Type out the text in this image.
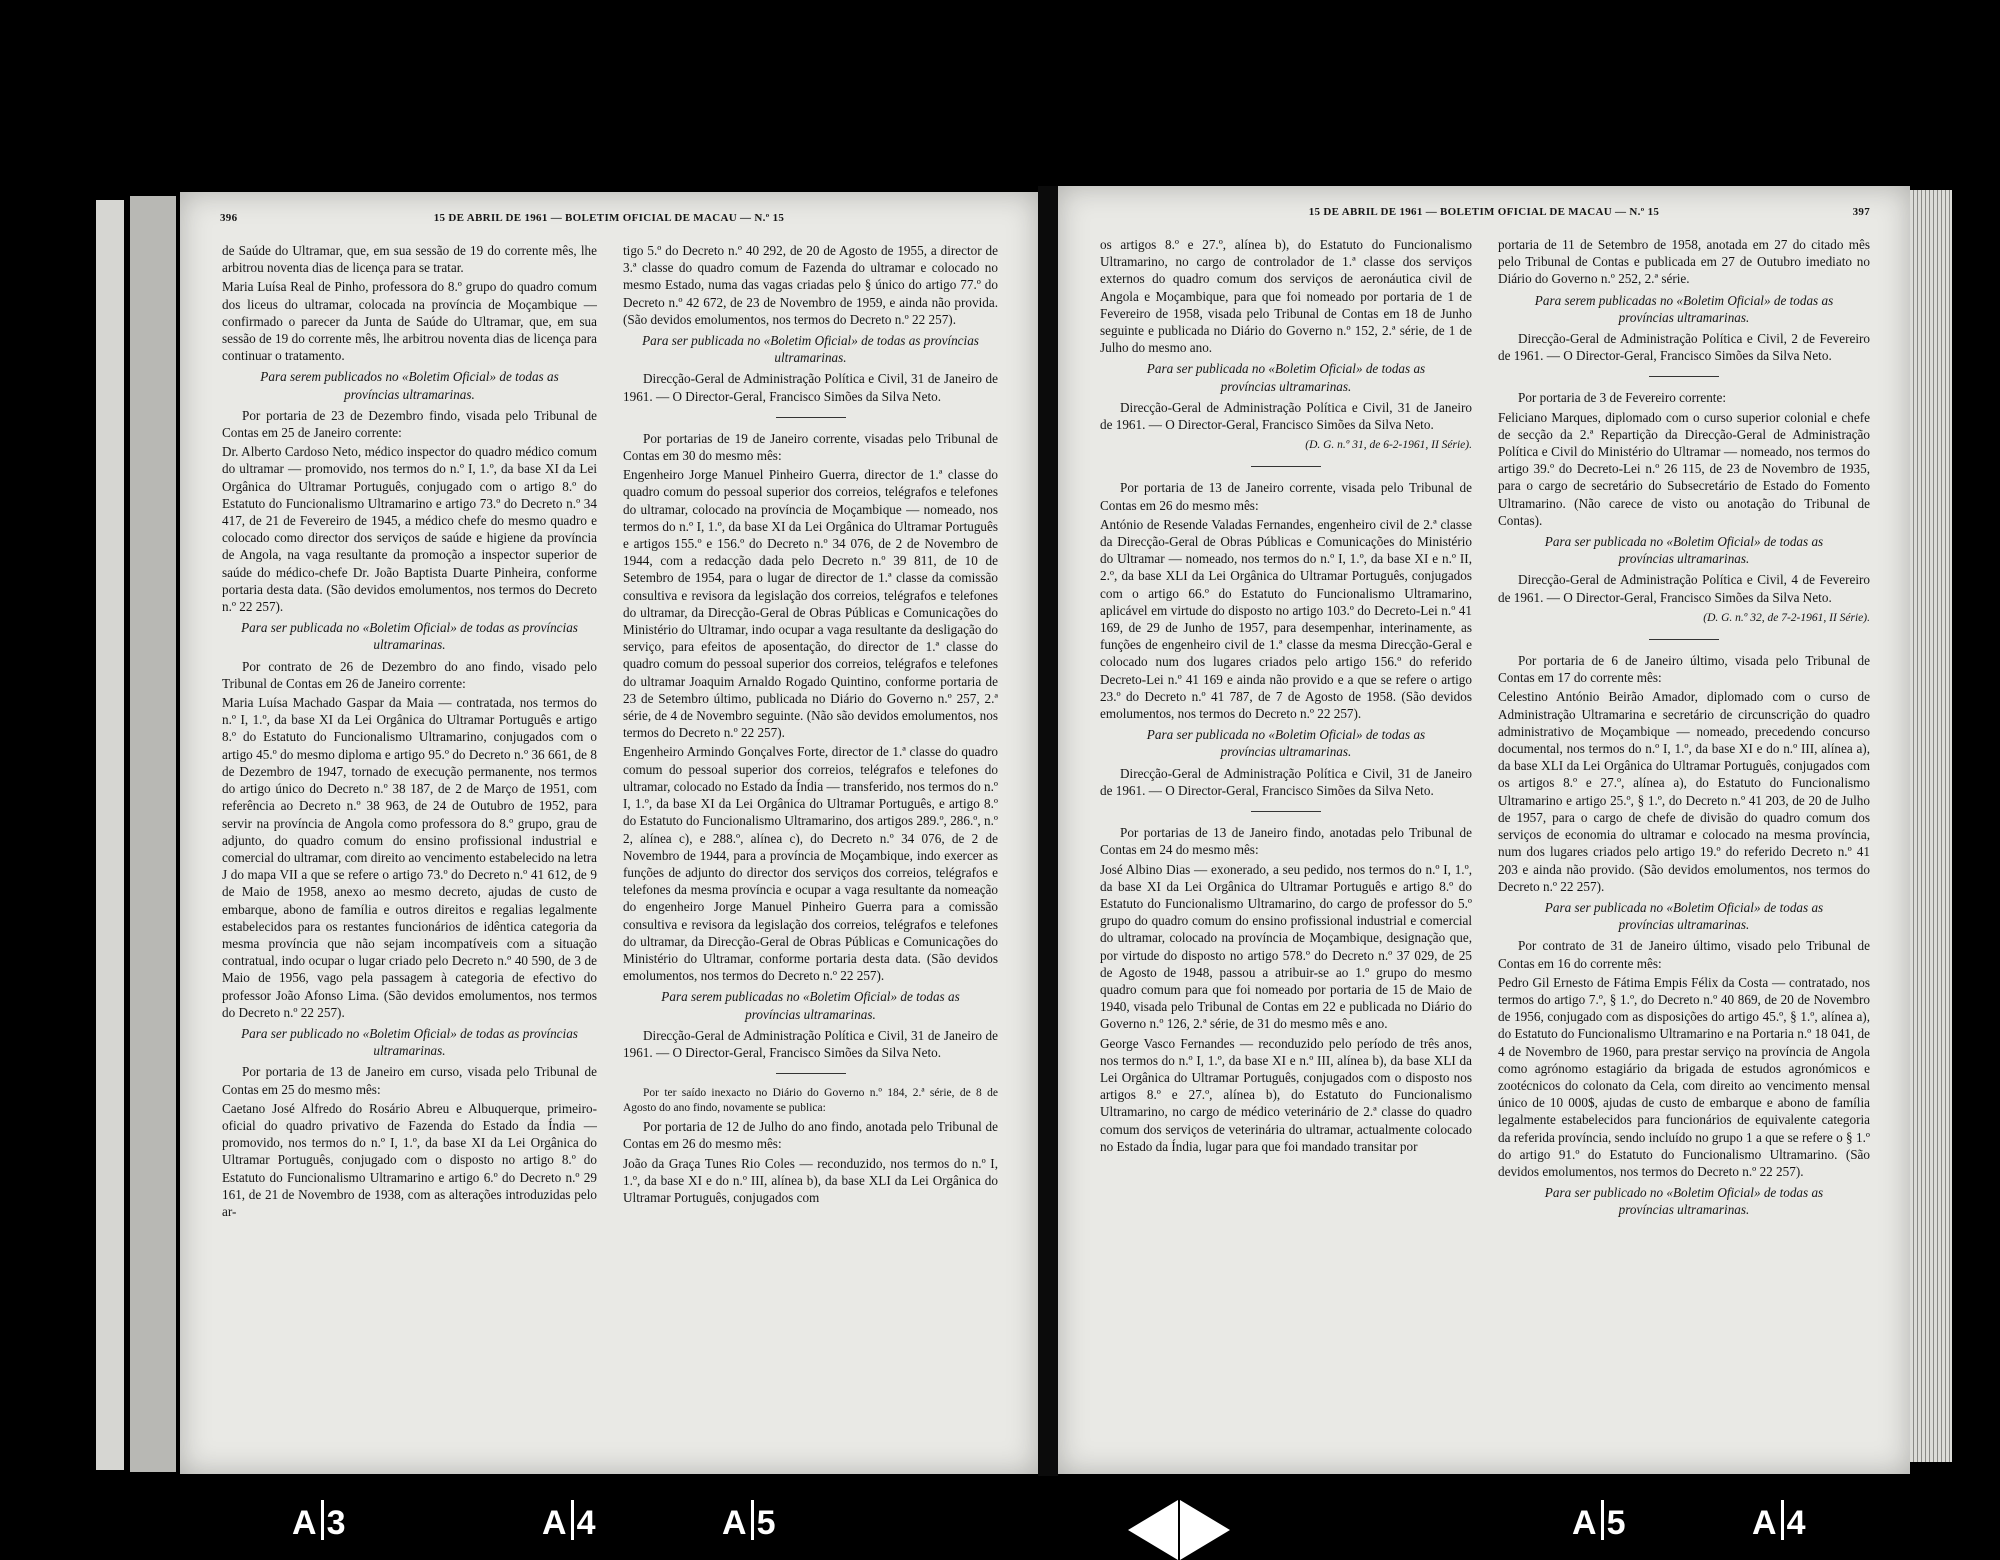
396	15 DE ABRIL DE 1961 — BOLETIM OFICIAL DE MACAU — N.º 15

de Saúde do Ultramar, que, em sua sessão de 19 do corrente mês, lhe arbitrou noventa dias de licença para se tratar.

Maria Luísa Real de Pinho, professora do 8.º grupo do quadro comum dos liceus do ultramar, colocada na província de Moçambique — confirmado o parecer da Junta de Saúde do Ultramar, que, em sua sessão de 19 do corrente mês, lhe arbitrou noventa dias de licença para continuar o tratamento.

Para serem publicados no «Boletim Oficial» de todas as províncias ultramarinas.

Por portaria de 23 de Dezembro findo, visada pelo Tribunal de Contas em 25 de Janeiro corrente:

Dr. Alberto Cardoso Neto, médico inspector do quadro médico comum do ultramar — promovido, nos termos do n.º I, 1.º, da base XI da Lei Orgânica do Ultramar Português, conjugado com o artigo 8.º do Estatuto do Funcionalismo Ultramarino e artigo 73.º do Decreto n.º 34 417, de 21 de Fevereiro de 1945, a médico chefe do mesmo quadro e colocado como director dos serviços de saúde e higiene da província de Angola, na vaga resultante da promoção a inspector superior de saúde do médico-chefe Dr. João Baptista Duarte Pinheira, conforme portaria desta data. (São devidos emolumentos, nos termos do Decreto n.º 22 257).

Para ser publicada no «Boletim Oficial» de todas as províncias ultramarinas.

Por contrato de 26 de Dezembro do ano findo, visado pelo Tribunal de Contas em 26 de Janeiro corrente:

Maria Luísa Machado Gaspar da Maia — contratada, nos termos do n.º I, 1.º, da base XI da Lei Orgânica do Ultramar Português e artigo 8.º do Estatuto do Funcionalismo Ultramarino, conjugados com o artigo 45.º do mesmo diploma e artigo 95.º do Decreto n.º 36 661, de 8 de Dezembro de 1947, tornado de execução permanente, nos termos do artigo único do Decreto n.º 38 187, de 2 de Março de 1951, com referência ao Decreto n.º 38 963, de 24 de Outubro de 1952, para servir na província de Angola como professora do 8.º grupo, grau de adjunto, do quadro comum do ensino profissional industrial e comercial do ultramar, com direito ao vencimento estabelecido na letra J do mapa VII a que se refere o artigo 73.º do Decreto n.º 41 612, de 9 de Maio de 1958, anexo ao mesmo decreto, ajudas de custo de embarque, abono de família e outros direitos e regalias legalmente estabelecidos para os restantes funcionários de idêntica categoria da mesma província que não sejam incompatíveis com a situação contratual, indo ocupar o lugar criado pelo Decreto n.º 40 590, de 3 de Maio de 1956, vago pela passagem à categoria de efectivo do professor João Afonso Lima. (São devidos emolumentos, nos termos do Decreto n.º 22 257).

Para ser publicado no «Boletim Oficial» de todas as províncias ultramarinas.

Por portaria de 13 de Janeiro em curso, visada pelo Tribunal de Contas em 25 do mesmo mês:

Caetano José Alfredo do Rosário Abreu e Albuquerque, primeiro-oficial do quadro privativo de Fazenda do Estado da Índia — promovido, nos termos do n.º I, 1.º, da base XI da Lei Orgânica do Ultramar Português, conjugado com o disposto no artigo 8.º do Estatuto do Funcionalismo Ultramarino e artigo 6.º do Decreto n.º 29 161, de 21 de Novembro de 1938, com as alterações introduzidas pelo ar-

tigo 5.º do Decreto n.º 40 292, de 20 de Agosto de 1955, a director de 3.ª classe do quadro comum de Fazenda do ultramar e colocado no mesmo Estado, numa das vagas criadas pelo § único do artigo 77.º do Decreto n.º 42 672, de 23 de Novembro de 1959, e ainda não provida. (São devidos emolumentos, nos termos do Decreto n.º 22 257).

Para ser publicada no «Boletim Oficial» de todas as províncias ultramarinas.

Direcção-Geral de Administração Política e Civil, 31 de Janeiro de 1961. — O Director-Geral, Francisco Simões da Silva Neto.

Por portarias de 19 de Janeiro corrente, visadas pelo Tribunal de Contas em 30 do mesmo mês:

Engenheiro Jorge Manuel Pinheiro Guerra, director de 1.ª classe do quadro comum do pessoal superior dos correios, telégrafos e telefones do ultramar, colocado na província de Moçambique — nomeado, nos termos do n.º I, 1.º, da base XI da Lei Orgânica do Ultramar Português e artigos 155.º e 156.º do Decreto n.º 34 076, de 2 de Novembro de 1944, com a redacção dada pelo Decreto n.º 39 811, de 10 de Setembro de 1954, para o lugar de director de 1.ª classe da comissão consultiva e revisora da legislação dos correios, telégrafos e telefones do ultramar, da Direcção-Geral de Obras Públicas e Comunicações do Ministério do Ultramar, indo ocupar a vaga resultante da desligação do serviço, para efeitos de aposentação, do director de 1.ª classe do quadro comum do pessoal superior dos correios, telégrafos e telefones do ultramar Joaquim Arnaldo Rogado Quintino, conforme portaria de 23 de Setembro último, publicada no Diário do Governo n.º 257, 2.ª série, de 4 de Novembro seguinte. (Não são devidos emolumentos, nos termos do Decreto n.º 22 257).

Engenheiro Armindo Gonçalves Forte, director de 1.ª classe do quadro comum do pessoal superior dos correios, telégrafos e telefones do ultramar, colocado no Estado da Índia — transferido, nos termos do n.º I, 1.º, da base XI da Lei Orgânica do Ultramar Português, e artigo 8.º do Estatuto do Funcionalismo Ultramarino, dos artigos 289.º, 286.º, n.º 2, alínea c), e 288.º, alínea c), do Decreto n.º 34 076, de 2 de Novembro de 1944, para a província de Moçambique, indo exercer as funções de adjunto do director dos serviços dos correios, telégrafos e telefones da mesma província e ocupar a vaga resultante da nomeação do engenheiro Jorge Manuel Pinheiro Guerra para a comissão consultiva e revisora da legislação dos correios, telégrafos e telefones do ultramar, da Direcção-Geral de Obras Públicas e Comunicações do Ministério do Ultramar, conforme portaria desta data. (São devidos emolumentos, nos termos do Decreto n.º 22 257).

Para serem publicadas no «Boletim Oficial» de todas as províncias ultramarinas.

Direcção-Geral de Administração Política e Civil, 31 de Janeiro de 1961. — O Director-Geral, Francisco Simões da Silva Neto.

Por ter saído inexacto no Diário do Governo n.º 184, 2.ª série, de 8 de Agosto do ano findo, novamente se publica:

Por portaria de 12 de Julho do ano findo, anotada pelo Tribunal de Contas em 26 do mesmo mês:

João da Graça Tunes Rio Coles — reconduzido, nos termos do n.º I, 1.º, da base XI e do n.º III, alínea b), da base XLI da Lei Orgânica do Ultramar Português, conjugados com

15 DE ABRIL DE 1961 — BOLETIM OFICIAL DE MACAU — N.º 15	397

os artigos 8.º e 27.º, alínea b), do Estatuto do Funcionalismo Ultramarino, no cargo de controlador de 1.ª classe dos serviços externos do quadro comum dos serviços de aeronáutica civil de Angola e Moçambique, para que foi nomeado por portaria de 1 de Fevereiro de 1958, visada pelo Tribunal de Contas em 18 de Junho seguinte e publicada no Diário do Governo n.º 152, 2.ª série, de 1 de Julho do mesmo ano.

Para ser publicada no «Boletim Oficial» de todas as províncias ultramarinas.

Direcção-Geral de Administração Política e Civil, 31 de Janeiro de 1961. — O Director-Geral, Francisco Simões da Silva Neto.

(D. G. n.º 31, de 6-2-1961, II Série).

Por portaria de 13 de Janeiro corrente, visada pelo Tribunal de Contas em 26 do mesmo mês:

António de Resende Valadas Fernandes, engenheiro civil de 2.ª classe da Direcção-Geral de Obras Públicas e Comunicações do Ministério do Ultramar — nomeado, nos termos do n.º I, 1.º, da base XI e n.º II, 2.º, da base XLI da Lei Orgânica do Ultramar Português, conjugados com o artigo 66.º do Estatuto do Funcionalismo Ultramarino, aplicável em virtude do disposto no artigo 103.º do Decreto-Lei n.º 41 169, de 29 de Junho de 1957, para desempenhar, interinamente, as funções de engenheiro civil de 1.ª classe da mesma Direcção-Geral e colocado num dos lugares criados pelo artigo 156.º do referido Decreto-Lei n.º 41 169 e ainda não provido e a que se refere o artigo 23.º do Decreto n.º 41 787, de 7 de Agosto de 1958. (São devidos emolumentos, nos termos do Decreto n.º 22 257).

Para ser publicada no «Boletim Oficial» de todas as províncias ultramarinas.

Direcção-Geral de Administração Política e Civil, 31 de Janeiro de 1961. — O Director-Geral, Francisco Simões da Silva Neto.

Por portarias de 13 de Janeiro findo, anotadas pelo Tribunal de Contas em 24 do mesmo mês:

José Albino Dias — exonerado, a seu pedido, nos termos do n.º I, 1.º, da base XI da Lei Orgânica do Ultramar Português e artigo 8.º do Estatuto do Funcionalismo Ultramarino, do cargo de professor do 5.º grupo do quadro comum do ensino profissional industrial e comercial do ultramar, colocado na província de Moçambique, designação que, por virtude do disposto no artigo 578.º do Decreto n.º 37 029, de 25 de Agosto de 1948, passou a atribuir-se ao 1.º grupo do mesmo quadro comum para que foi nomeado por portaria de 15 de Maio de 1940, visada pelo Tribunal de Contas em 22 e publicada no Diário do Governo n.º 126, 2.ª série, de 31 do mesmo mês e ano.

George Vasco Fernandes — reconduzido pelo período de três anos, nos termos do n.º I, 1.º, da base XI e n.º III, alínea b), da base XLI da Lei Orgânica do Ultramar Português, conjugados com o disposto nos artigos 8.º e 27.º, alínea b), do Estatuto do Funcionalismo Ultramarino, no cargo de médico veterinário de 2.ª classe do quadro comum dos serviços de veterinária do ultramar, actualmente colocado no Estado da Índia, lugar para que foi mandado transitar por

portaria de 11 de Setembro de 1958, anotada em 27 do citado mês pelo Tribunal de Contas e publicada em 27 de Outubro imediato no Diário do Governo n.º 252, 2.ª série.

Para serem publicadas no «Boletim Oficial» de todas as províncias ultramarinas.

Direcção-Geral de Administração Política e Civil, 2 de Fevereiro de 1961. — O Director-Geral, Francisco Simões da Silva Neto.

Por portaria de 3 de Fevereiro corrente:

Feliciano Marques, diplomado com o curso superior colonial e chefe de secção da 2.ª Repartição da Direcção-Geral de Administração Política e Civil do Ministério do Ultramar — nomeado, nos termos do artigo 39.º do Decreto-Lei n.º 26 115, de 23 de Novembro de 1935, para o cargo de secretário do Subsecretário de Estado do Fomento Ultramarino. (Não carece de visto ou anotação do Tribunal de Contas).

Para ser publicada no «Boletim Oficial» de todas as províncias ultramarinas.

Direcção-Geral de Administração Política e Civil, 4 de Fevereiro de 1961. — O Director-Geral, Francisco Simões da Silva Neto.

(D. G. n.º 32, de 7-2-1961, II Série).

Por portaria de 6 de Janeiro último, visada pelo Tribunal de Contas em 17 do corrente mês:

Celestino António Beirão Amador, diplomado com o curso de Administração Ultramarina e secretário de circunscrição do quadro administrativo de Moçambique — nomeado, precedendo concurso documental, nos termos do n.º I, 1.º, da base XI e do n.º III, alínea a), da base XLI da Lei Orgânica do Ultramar Português, conjugados com os artigos 8.º e 27.º, alínea a), do Estatuto do Funcionalismo Ultramarino e artigo 25.º, § 1.º, do Decreto n.º 41 203, de 20 de Julho de 1957, para o cargo de chefe de divisão do quadro comum dos serviços de economia do ultramar e colocado na mesma província, num dos lugares criados pelo artigo 19.º do referido Decreto n.º 41 203 e ainda não provido. (São devidos emolumentos, nos termos do Decreto n.º 22 257).

Para ser publicada no «Boletim Oficial» de todas as províncias ultramarinas.

Por contrato de 31 de Janeiro último, visado pelo Tribunal de Contas em 16 do corrente mês:

Pedro Gil Ernesto de Fátima Empis Félix da Costa — contratado, nos termos do artigo 7.º, § 1.º, do Decreto n.º 40 869, de 20 de Novembro de 1956, conjugado com as disposições do artigo 45.º, § 1.º, alínea a), do Estatuto do Funcionalismo Ultramarino e na Portaria n.º 18 041, de 4 de Novembro de 1960, para prestar serviço na província de Angola como agrónomo estagiário da brigada de estudos agronómicos e zootécnicos do colonato da Cela, com direito ao vencimento mensal único de 10 000$, ajudas de custo de embarque e abono de família legalmente estabelecidos para funcionários de equivalente categoria da referida província, sendo incluído no grupo 1 a que se refere o § 1.º do artigo 91.º do Estatuto do Funcionalismo Ultramarino. (São devidos emolumentos, nos termos do Decreto n.º 22 257).

Para ser publicado no «Boletim Oficial» de todas as províncias ultramarinas.

A 3	A 4	A 5	A 5	A 4
